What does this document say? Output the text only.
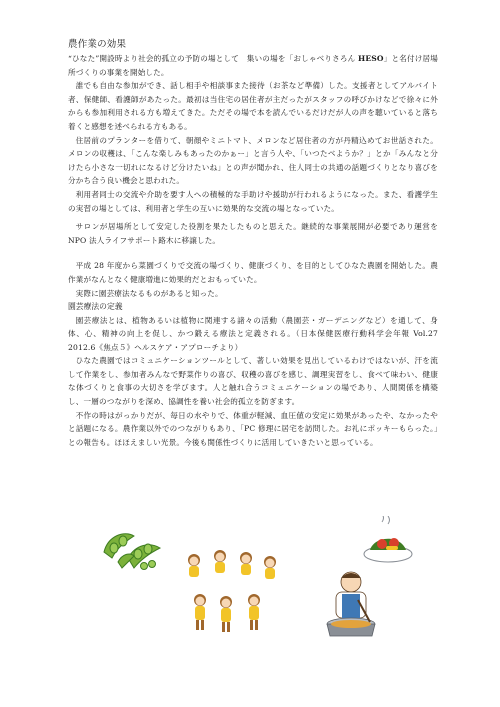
農作業の効果

“ひなた”開設時より社会的孤立の予防の場として　集いの場を「おしゃべりさろん HESO」と名付け居場所づくりの事業を開始した。

誰でも自由な参加ができ、話し相手や相談事また接待（お茶など準備）した。支援者としてアルバイト者、保健師、看護師があたった。最初は当住宅の居住者が主だったがスタッフの呼びかけなどで徐々に外からも参加利用される方も増えてきた。ただその場で本を読んでいるだけだが人の声を聴いていると落ち着くと感想を述べられる方もある。

住居前のプランターを借りて、朝顔やミニトマト、メロンなど居住者の方が丹精込めてお世話された。メロンの収穫は、「こんな楽しみもあったのかぁー」と言う人や、「いつたべようか？」とか「みんなと分けたら小さな一切れになるけど分けたいね」との声が聞かれ、住人同士の共通の話題づくりとなり喜びを分かち合う良い機会と思われた。

利用者同士の交流や介助を要す人への積極的な手助けや援助が行われるようになった。また、看護学生の実習の場としては、利用者と学生の互いに効果的な交流の場となっていた。

サロンが居場所として安定した役割を果たしたものと思えた。継続的な事業展開が必要であり運営を NPO 法人ライフサポート路木に移譲した。

平成 28 年度から菜園づくりで交流の場づくり、健康づくり、を目的としてひなた農園を開始した。農作業がなんとなく健康増進に効果的だとおもっていた。

実際に園芸療法なるものがあると知った。

園芸療法の定義

園芸療法とは、植物あるいは植物に関連する諸々の活動（農園芸・ガーデニングなど）を通して、身体、心、精神の向上を促し、かつ鍛える療法と定義される。（日本保健医療行動科学会年報 Vol.27 2012.6《焦点５》ヘルスケア・アプローチより）

ひなた農園ではコミュニケーションツールとして、著しい効果を見出しているわけではないが、汗を流して作業をし、参加者みんなで野菜作りの喜び、収穫の喜びを感じ、調理実習をし、食べて味わい、健康な体づくりと食事の大切さを学びます。人と触れ合うコミュニケーションの場であり、人間関係を構築し、一層のつながりを深め、協調性を養い社会的孤立を防ぎます。

不作の時はがっかりだが、毎日の水やりで、体重が軽減、血圧値の安定に効果があったや、なかったやと話題になる。農作業以外でのつながりもあり、「PC 修理に居宅を訪問した。お礼にポッキーもらった。」との報告も。ほほえましい光景。今後も関係性づくりに活用していきたいと思っている。
